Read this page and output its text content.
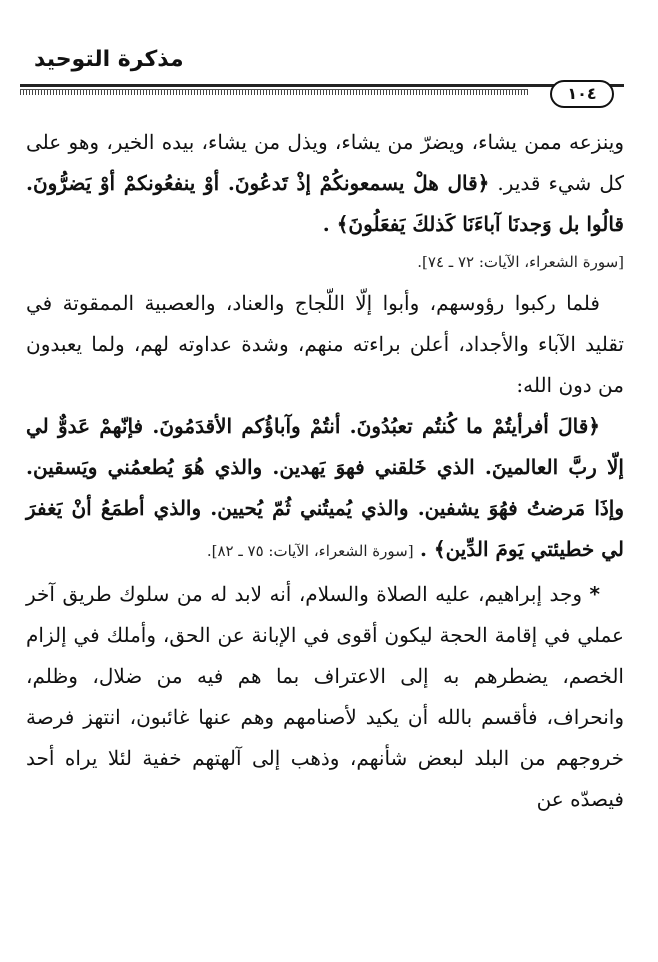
مذكرة التوحيد
١٠٤

وينزعه ممن يشاء، ويضرّ من يشاء، ويذل من يشاء، بيده الخير، وهو على كل شيء قدير. ﴿قال هلْ يسمعونكُمْ إذْ تَدعُونَ. أوْ ينفعُونكمْ أوْ يَضرُّونَ. قالُوا بل وَجدنَا آباءَنَا كَذلكَ يَفعَلُونَ﴾ .

[سورة الشعراء، الآيات: ٧٢ ـ ٧٤].

فلما ركبوا رؤوسهم، وأبوا إلّا اللّجاج والعناد، والعصبية الممقوتة في تقليد الآباء والأجداد، أعلن براءته منهم، وشدة عداوته لهم، ولما يعبدون من دون الله:

﴿قالَ أفرأيتُمْ ما كُنتُم تعبُدُونَ. أنتُمْ وآباؤُكم الأقدَمُونَ. فإنّهمْ عَدوٌّ لي إلّا ربَّ العالمينَ. الذي خَلقني فهوَ يَهدين. والذي هُوَ يُطعمُني ويَسقين. وإذَا مَرضتُ فهُوَ يشفين. والذي يُميتُني ثُمّ يُحيين. والذي أطمَعُ أنْ يَغفرَ لي خطيئتي يَومَ الدِّين﴾ . [سورة الشعراء، الآيات: ٧٥ ـ ٨٢].

* وجد إبراهيم، عليه الصلاة والسلام، أنه لابد له من سلوك طريق آخر عملي في إقامة الحجة ليكون أقوى في الإبانة عن الحق، وأملك في إلزام الخصم، يضطرهم به إلى الاعتراف بما هم فيه من ضلال، وظلم، وانحراف، فأقسم بالله أن يكيد لأصنامهم وهم عنها غائبون، انتهز فرصة خروجهم من البلد لبعض شأنهم، وذهب إلى آلهتهم خفية لئلا يراه أحد فيصدّه عن
